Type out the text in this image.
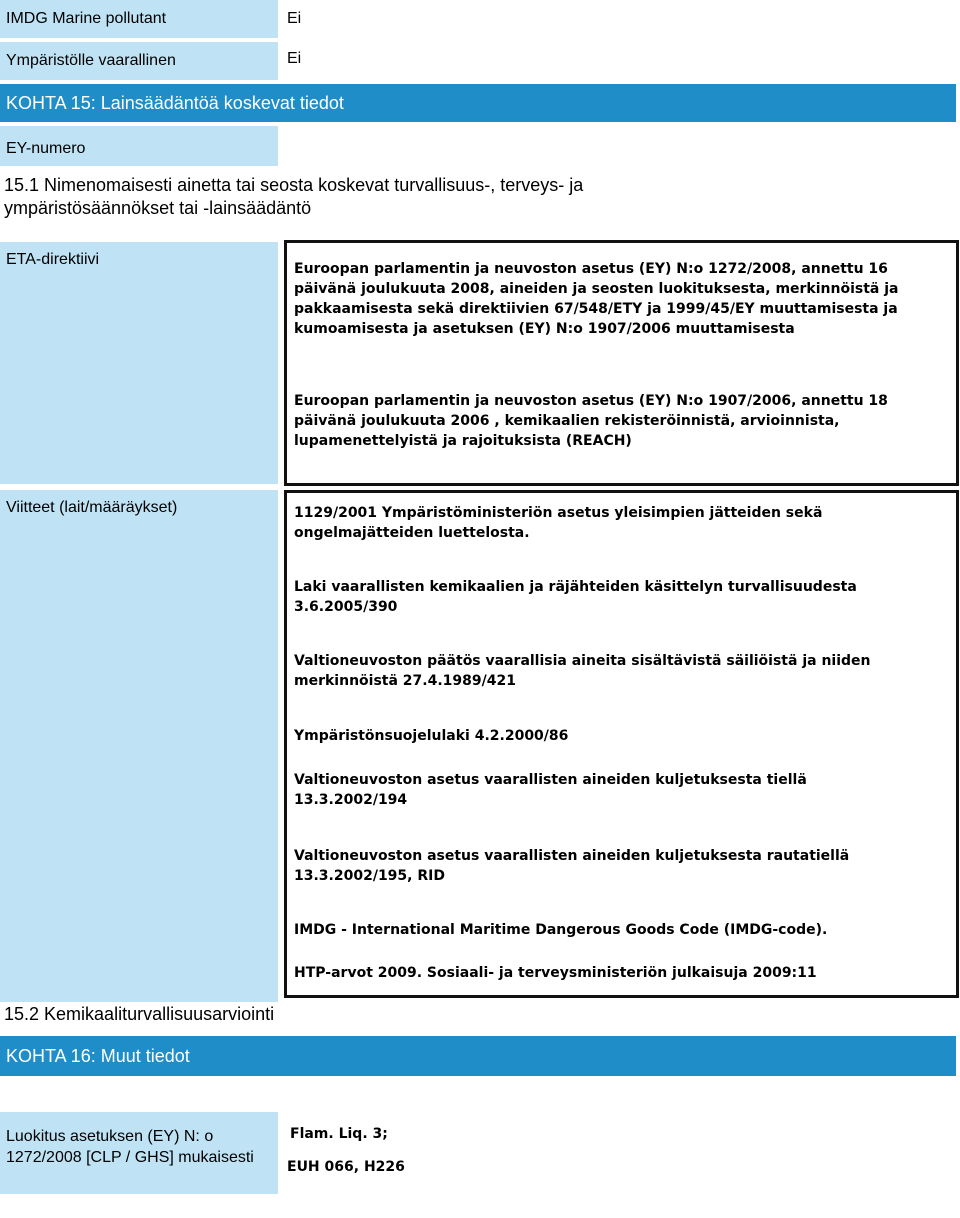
IMDG Marine pollutant	Ei
Ympäristölle vaarallinen	Ei
KOHTA 15: Lainsäädäntöä koskevat tiedot
EY-numero
15.1 Nimenomaisesti ainetta tai seosta koskevat turvallisuus-, terveys- ja ympäristösäännökset tai -lainsäädäntö
ETA-direktiivi
Euroopan parlamentin ja neuvoston asetus (EY) N:o 1272/2008, annettu 16 päivänä joulukuuta 2008, aineiden ja seosten luokituksesta, merkinnöistä ja pakkaamisesta sekä direktiivien 67/548/ETY ja 1999/45/EY muuttamisesta ja kumoamisesta ja asetuksen (EY) N:o 1907/2006 muuttamisesta
Euroopan parlamentin ja neuvoston asetus (EY) N:o 1907/2006, annettu 18 päivänä joulukuuta 2006 , kemikaalien rekisteröinnistä, arvioinnista, lupamenettelyistä ja rajoituksista (REACH)
Viitteet (lait/määräykset)	1129/2001 Ympäristöministeriön asetus yleisimpien jätteiden sekä ongelmajätteiden luettelosta.
Laki vaarallisten kemikaalien ja räjähteiden käsittelyn turvallisuudesta 3.6.2005/390
Valtioneuvoston päätös vaarallisia aineita sisältävistä säiliöistä ja niiden merkinnöistä 27.4.1989/421
Ympäristönsuojelulaki 4.2.2000/86
Valtioneuvoston asetus vaarallisten aineiden kuljetuksesta tiellä 13.3.2002/194
Valtioneuvoston asetus vaarallisten aineiden kuljetuksesta rautatiellä 13.3.2002/195, RID
IMDG - International Maritime Dangerous Goods Code (IMDG-code).
HTP-arvot 2009. Sosiaali- ja terveysministeriön julkaisuja 2009:11
15.2 Kemikaaliturvallisuusarviointi
KOHTA 16: Muut tiedot
Luokitus asetuksen (EY) N: o 1272/2008 [CLP / GHS] mukaisesti
Flam. Liq. 3;
EUH 066, H226
